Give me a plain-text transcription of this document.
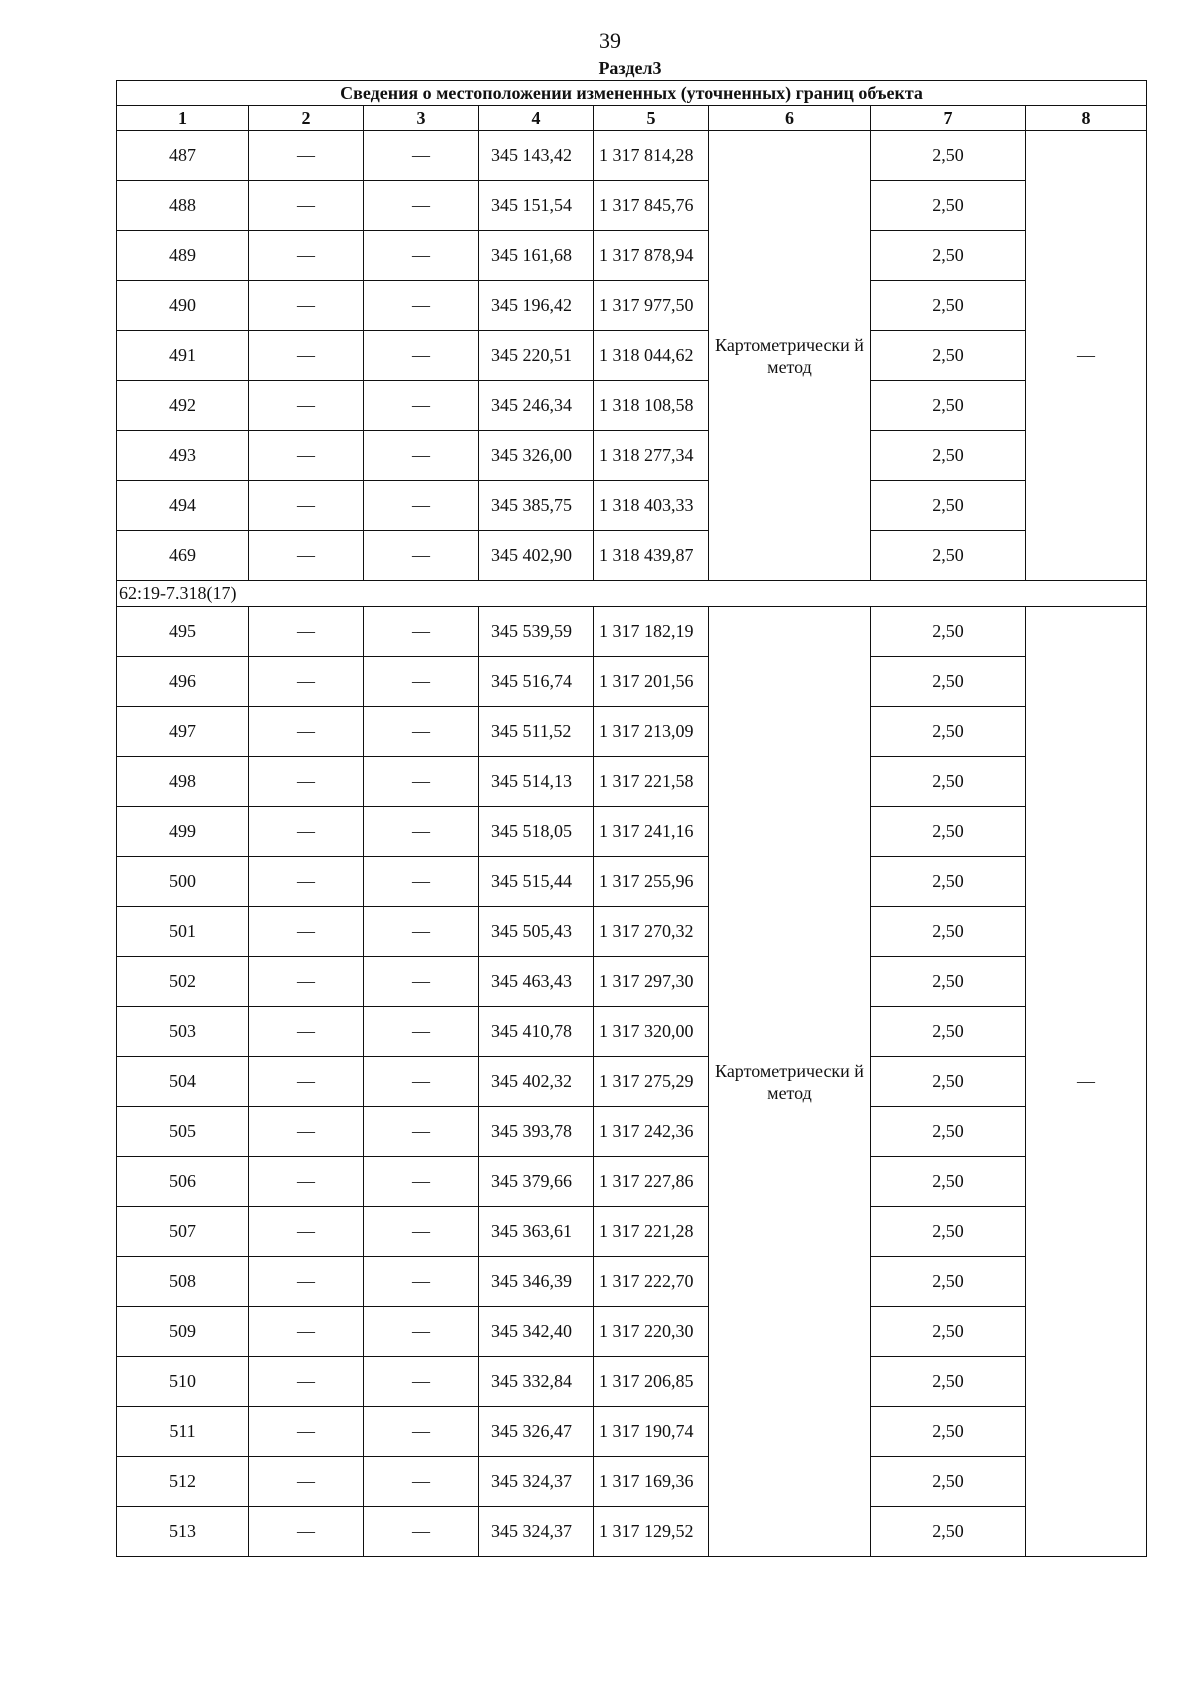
39
Раздел3
Сведения о местоположении измененных (уточненных) границ объекта							
1	2	3	4	5	6	7	8
487	—	—	345 143,42	1 317 814,28	Картометрически й метод	2,50	—
488	—	—	345 151,54	1 317 845,76		2,50	
489	—	—	345 161,68	1 317 878,94		2,50	
490	—	—	345 196,42	1 317 977,50		2,50	
491	—	—	345 220,51	1 318 044,62		2,50	
492	—	—	345 246,34	1 318 108,58		2,50	
493	—	—	345 326,00	1 318 277,34		2,50	
494	—	—	345 385,75	1 318 403,33		2,50	
469	—	—	345 402,90	1 318 439,87		2,50	
62:19-7.318(17)							
495	—	—	345 539,59	1 317 182,19	Картометрически й метод	2,50	—
496	—	—	345 516,74	1 317 201,56		2,50	
497	—	—	345 511,52	1 317 213,09		2,50	
498	—	—	345 514,13	1 317 221,58		2,50	
499	—	—	345 518,05	1 317 241,16		2,50	
500	—	—	345 515,44	1 317 255,96		2,50	
501	—	—	345 505,43	1 317 270,32		2,50	
502	—	—	345 463,43	1 317 297,30		2,50	
503	—	—	345 410,78	1 317 320,00		2,50	
504	—	—	345 402,32	1 317 275,29		2,50	
505	—	—	345 393,78	1 317 242,36		2,50	
506	—	—	345 379,66	1 317 227,86		2,50	
507	—	—	345 363,61	1 317 221,28		2,50	
508	—	—	345 346,39	1 317 222,70		2,50	
509	—	—	345 342,40	1 317 220,30		2,50	
510	—	—	345 332,84	1 317 206,85		2,50	
511	—	—	345 326,47	1 317 190,74		2,50	
512	—	—	345 324,37	1 317 169,36		2,50	
513	—	—	345 324,37	1 317 129,52		2,50	
